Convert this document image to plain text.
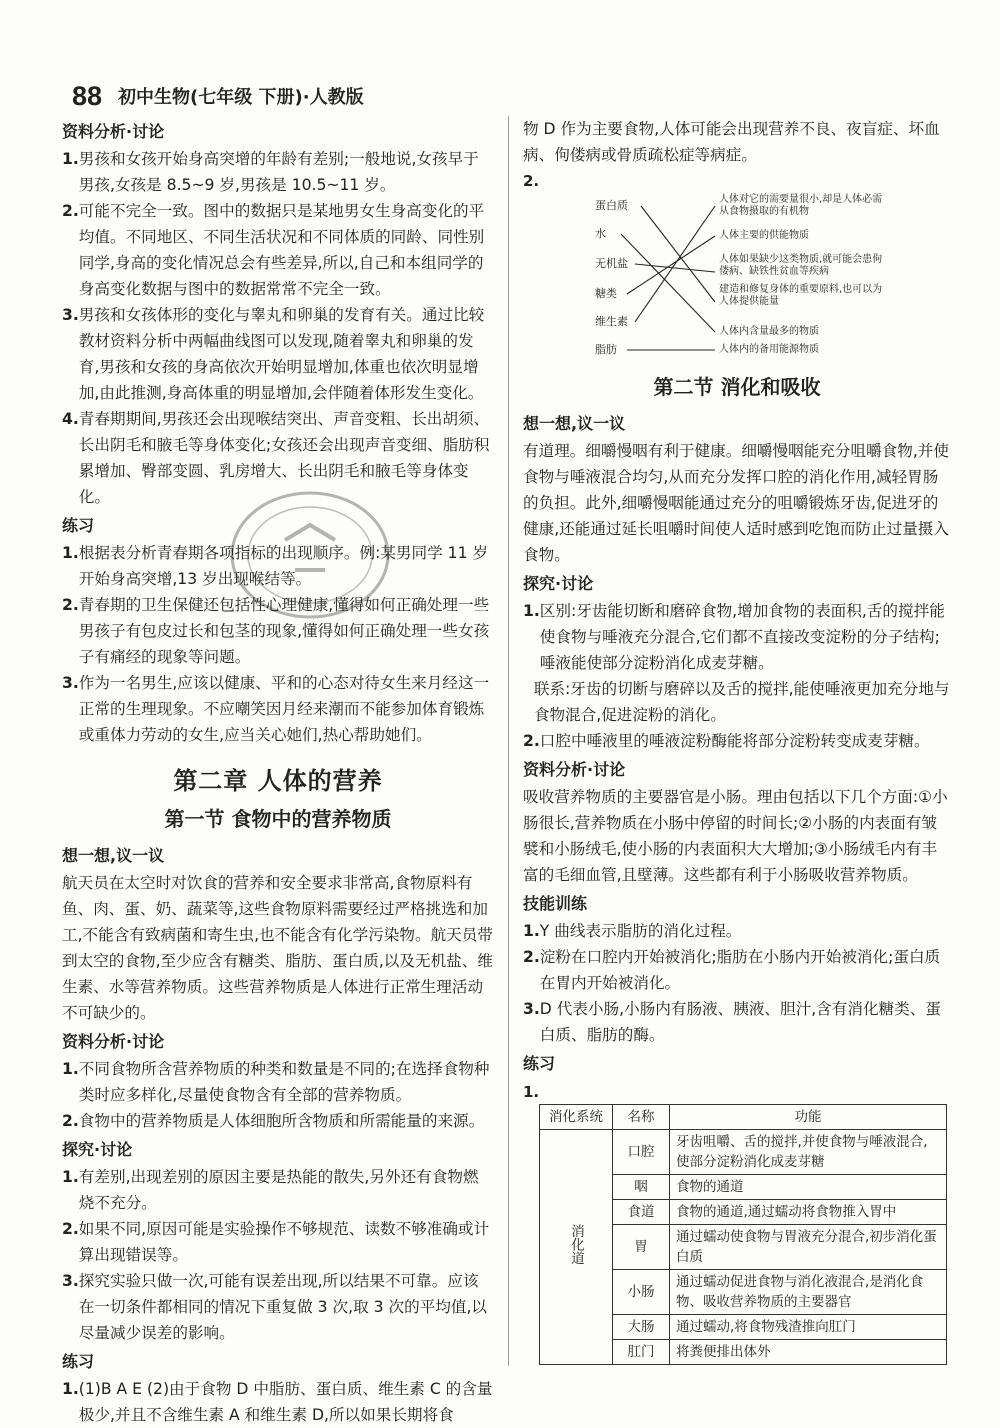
88 初中生物(七年级 下册)·人教版
资料分析·讨论
1. 男孩和女孩开始身高突增的年龄有差别;一般地说,女孩早于男孩,女孩是 8.5~9 岁,男孩是 10.5~11 岁。
2. 可能不完全一致。图中的数据只是某地男女生身高变化的平均值。不同地区、不同生活状况和不同体质的同龄、同性别同学,身高的变化情况总会有些差异,所以,自己和本组同学的身高变化数据与图中的数据常常不完全一致。
3. 男孩和女孩体形的变化与睾丸和卵巢的发育有关。通过比较教材资料分析中两幅曲线图可以发现,随着睾丸和卵巢的发育,男孩和女孩的身高依次开始明显增加,体重也依次明显增加,由此推测,身高体重的明显增加,会伴随着体形发生变化。
4. 青春期期间,男孩还会出现喉结突出、声音变粗、长出胡须、长出阴毛和腋毛等身体变化;女孩还会出现声音变细、脂肪积累增加、臀部变圆、乳房增大、长出阴毛和腋毛等身体变化。
练习
1. 根据表分析青春期各项指标的出现顺序。例:某男同学 11 岁开始身高突增,13 岁出现喉结等。
2. 青春期的卫生保健还包括性心理健康,懂得如何正确处理一些男孩子有包皮过长和包茎的现象,懂得如何正确处理一些女孩子有痛经的现象等问题。
3. 作为一名男生,应该以健康、平和的心态对待女生来月经这一正常的生理现象。不应嘲笑因月经来潮而不能参加体育锻炼或重体力劳动的女生,应当关心她们,热心帮助她们。
第二章 人体的营养
第一节 食物中的营养物质
想一想,议一议

航天员在太空时对饮食的营养和安全要求非常高,食物原料有鱼、肉、蛋、奶、蔬菜等,这些食物原料需要经过严格挑选和加工,不能含有致病菌和寄生虫,也不能含有化学污染物。航天员带到太空的食物,至少应含有糖类、脂肪、蛋白质,以及无机盐、维生素、水等营养物质。这些营养物质是人体进行正常生理活动不可缺少的。

资料分析·讨论
1. 不同食物所含营养物质的种类和数量是不同的;在选择食物种类时应多样化,尽量使食物含有全部的营养物质。
2. 食物中的营养物质是人体细胞所含物质和所需能量的来源。
探究·讨论
1. 有差别,出现差别的原因主要是热能的散失,另外还有食物燃烧不充分。
2. 如果不同,原因可能是实验操作不够规范、读数不够准确或计算出现错误等。
3. 探究实验只做一次,可能有误差出现,所以结果不可靠。应该在一切条件都相同的情况下重复做 3 次,取 3 次的平均值,以尽量减少误差的影响。
练习
1. (1)B A E (2)由于食物 D 中脂肪、蛋白质、维生素 C 的含量极少,并且不含维生素 A 和维生素 D,所以如果长期将食

物 D 作为主要食物,人体可能会出现营养不良、夜盲症、坏血病、佝偻病或骨质疏松症等病症。

2.
蛋白质
水
无机盐
糖类
维生素
脂肪
人体对它的需要量很小,却是人体必需从食物摄取的有机物
人体主要的供能物质
人体如果缺少这类物质,就可能会患佝偻病、缺铁性贫血等疾病
建造和修复身体的重要原料,也可以为人体提供能量
人体内含量最多的物质
人体内的备用能源物质
第二节 消化和吸收
想一想,议一议

有道理。细嚼慢咽有利于健康。细嚼慢咽能充分咀嚼食物,并使食物与唾液混合均匀,从而充分发挥口腔的消化作用,减轻胃肠的负担。此外,细嚼慢咽能通过充分的咀嚼锻炼牙齿,促进牙的健康,还能通过延长咀嚼时间使人适时感到吃饱而防止过量摄入食物。

探究·讨论
1. 区别:牙齿能切断和磨碎食物,增加食物的表面积,舌的搅拌能使食物与唾液充分混合,它们都不直接改变淀粉的分子结构;唾液能使部分淀粉消化成麦芽糖。

联系:牙齿的切断与磨碎以及舌的搅拌,能使唾液更加充分地与食物混合,促进淀粉的消化。
2. 口腔中唾液里的唾液淀粉酶能将部分淀粉转变成麦芽糖。
资料分析·讨论

吸收营养物质的主要器官是小肠。理由包括以下几个方面:①小肠很长,营养物质在小肠中停留的时间长;②小肠的内表面有皱襞和小肠绒毛,使小肠的内表面积大大增加;③小肠绒毛内有丰富的毛细血管,且壁薄。这些都有利于小肠吸收营养物质。

技能训练
1. Y 曲线表示脂肪的消化过程。
2. 淀粉在口腔内开始被消化;脂肪在小肠内开始被消化;蛋白质在胃内开始被消化。
3. D 代表小肠,小肠内有肠液、胰液、胆汁,含有消化糖类、蛋白质、脂肪的酶。
练习
1.
消化系统	名称	功能
消化道	口腔	牙齿咀嚼、舌的搅拌,并使食物与唾液混合,使部分淀粉消化成麦芽糖
	咽	食物的通道
	食道	食物的通道,通过蠕动将食物推入胃中
	胃	通过蠕动使食物与胃液充分混合,初步消化蛋白质
	小肠	通过蠕动促进食物与消化液混合,是消化食物、吸收营养物质的主要器官
	大肠	通过蠕动,将食物残渣推向肛门
	肛门	将粪便排出体外
